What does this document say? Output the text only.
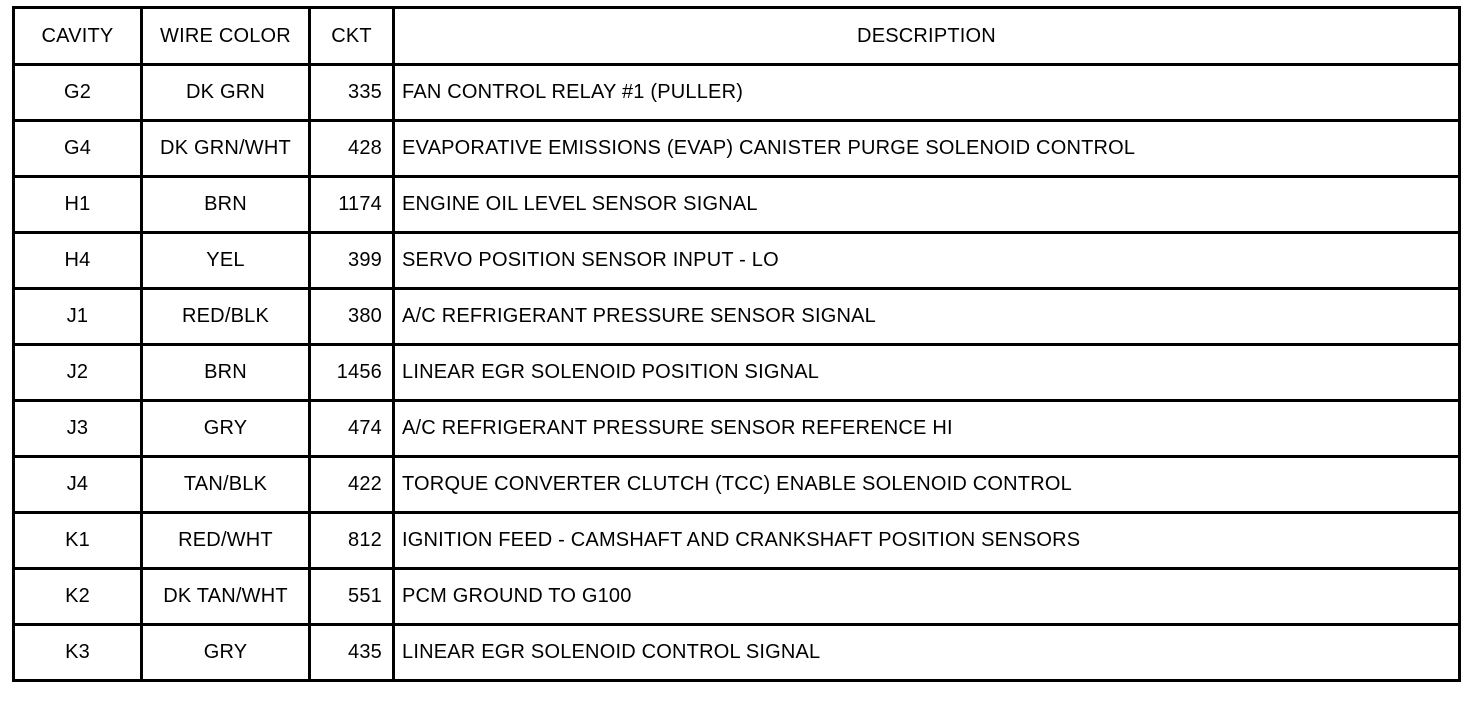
CAVITY	WIRE COLOR	CKT	DESCRIPTION
G2	DK GRN	335	FAN CONTROL RELAY #1 (PULLER)
G4	DK GRN/WHT	428	EVAPORATIVE EMISSIONS (EVAP) CANISTER PURGE SOLENOID CONTROL
H1	BRN	1174	ENGINE OIL LEVEL SENSOR SIGNAL
H4	YEL	399	SERVO POSITION SENSOR INPUT - LO
J1	RED/BLK	380	A/C REFRIGERANT PRESSURE SENSOR SIGNAL
J2	BRN	1456	LINEAR EGR SOLENOID POSITION SIGNAL
J3	GRY	474	A/C REFRIGERANT PRESSURE SENSOR REFERENCE HI
J4	TAN/BLK	422	TORQUE CONVERTER CLUTCH (TCC) ENABLE SOLENOID CONTROL
K1	RED/WHT	812	IGNITION FEED - CAMSHAFT AND CRANKSHAFT POSITION SENSORS
K2	DK TAN/WHT	551	PCM GROUND TO G100
K3	GRY	435	LINEAR EGR SOLENOID CONTROL SIGNAL
